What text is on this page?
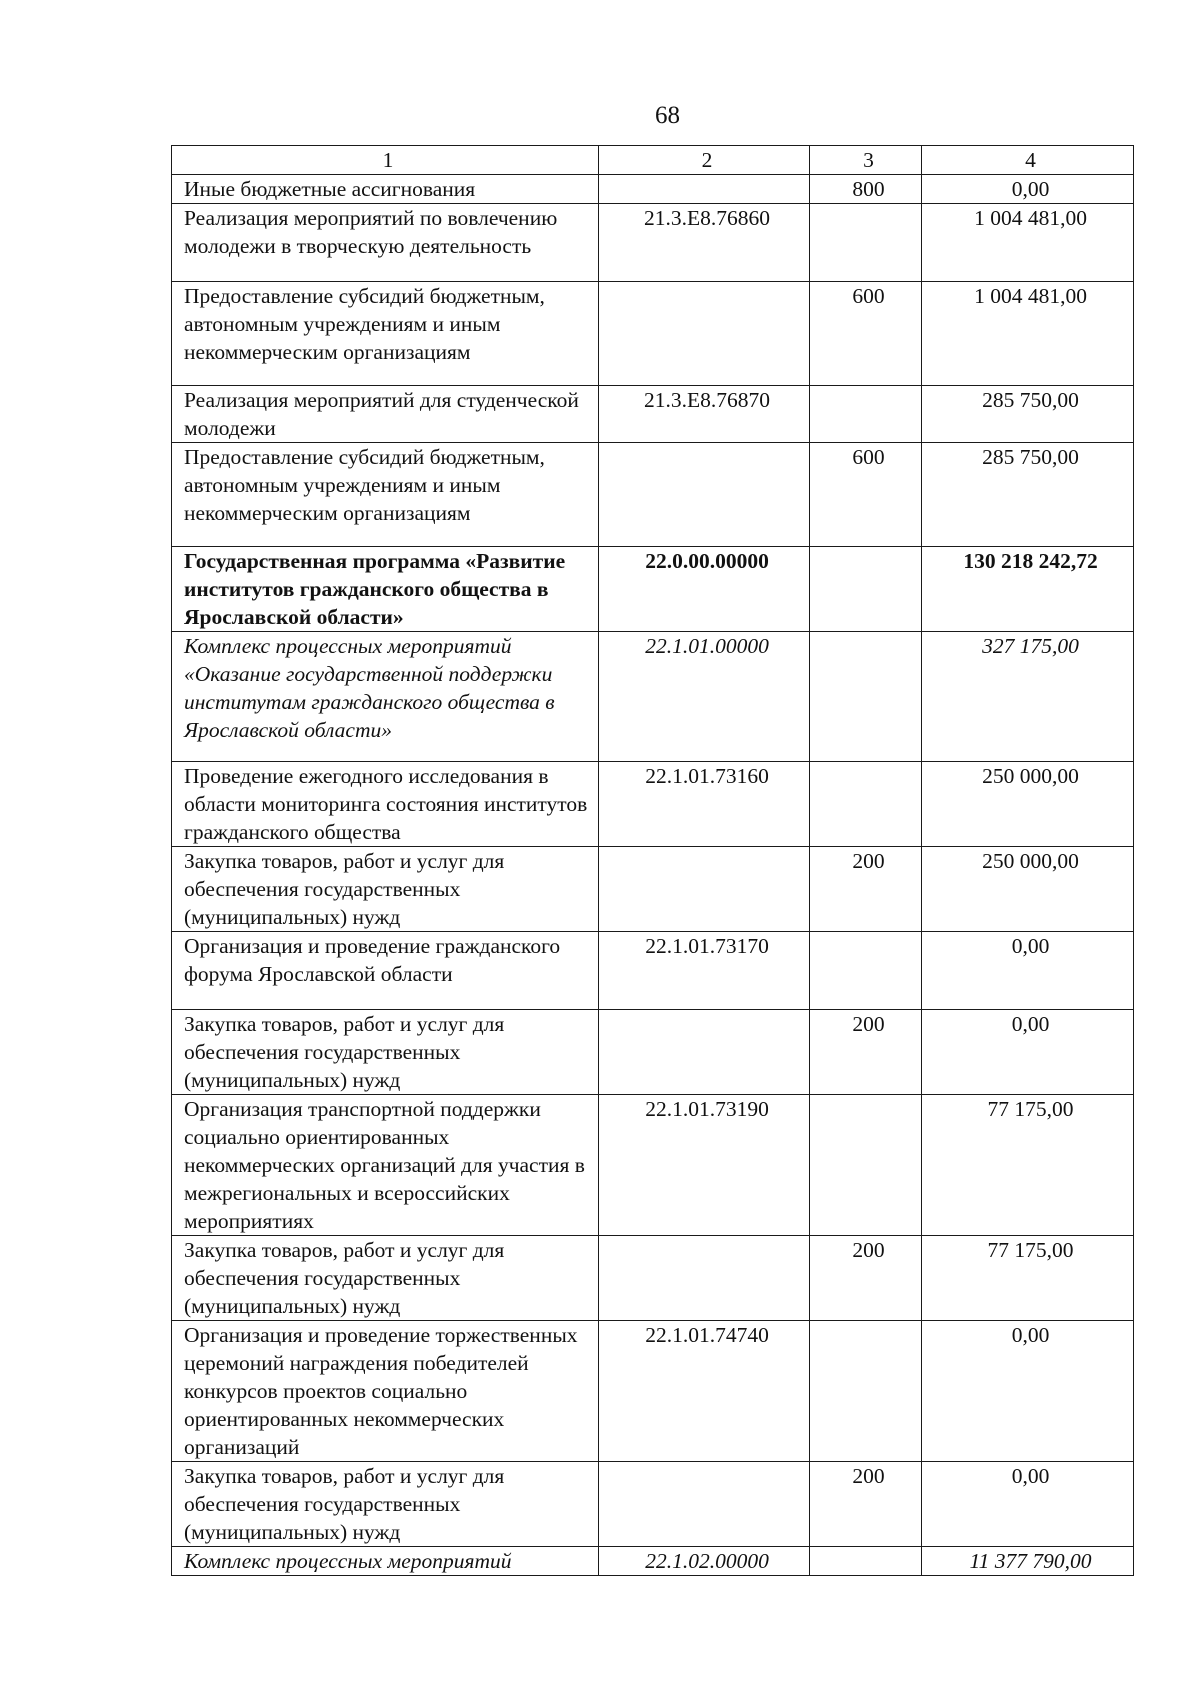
68
1	2	3	4
Иные бюджетные ассигнования		800	0,00
Реализация мероприятий по вовлечению молодежи в творческую деятельность	21.3.E8.76860		1 004 481,00
Предоставление субсидий бюджетным, автономным учреждениям и иным некоммерческим организациям		600	1 004 481,00
Реализация мероприятий для студенческой молодежи	21.3.E8.76870		285 750,00
Предоставление субсидий бюджетным, автономным учреждениям и иным некоммерческим организациям		600	285 750,00
Государственная программа «Развитие институтов гражданского общества в Ярославской области»	22.0.00.00000		130 218 242,72
Комплекс процессных мероприятий «Оказание государственной поддержки институтам гражданского общества в Ярославской области»	22.1.01.00000		327 175,00
Проведение ежегодного исследования в области мониторинга состояния институтов гражданского общества	22.1.01.73160		250 000,00
Закупка товаров, работ и услуг для обеспечения государственных (муниципальных) нужд		200	250 000,00
Организация и проведение гражданского форума Ярославской области	22.1.01.73170		0,00
Закупка товаров, работ и услуг для обеспечения государственных (муниципальных) нужд		200	0,00
Организация транспортной поддержки социально ориентированных некоммерческих организаций для участия в межрегиональных и всероссийских мероприятиях	22.1.01.73190		77 175,00
Закупка товаров, работ и услуг для обеспечения государственных (муниципальных) нужд		200	77 175,00
Организация и проведение торжественных церемоний награждения победителей конкурсов проектов социально ориентированных некоммерческих организаций	22.1.01.74740		0,00
Закупка товаров, работ и услуг для обеспечения государственных (муниципальных) нужд		200	0,00
Комплекс процессных мероприятий	22.1.02.00000		11 377 790,00
